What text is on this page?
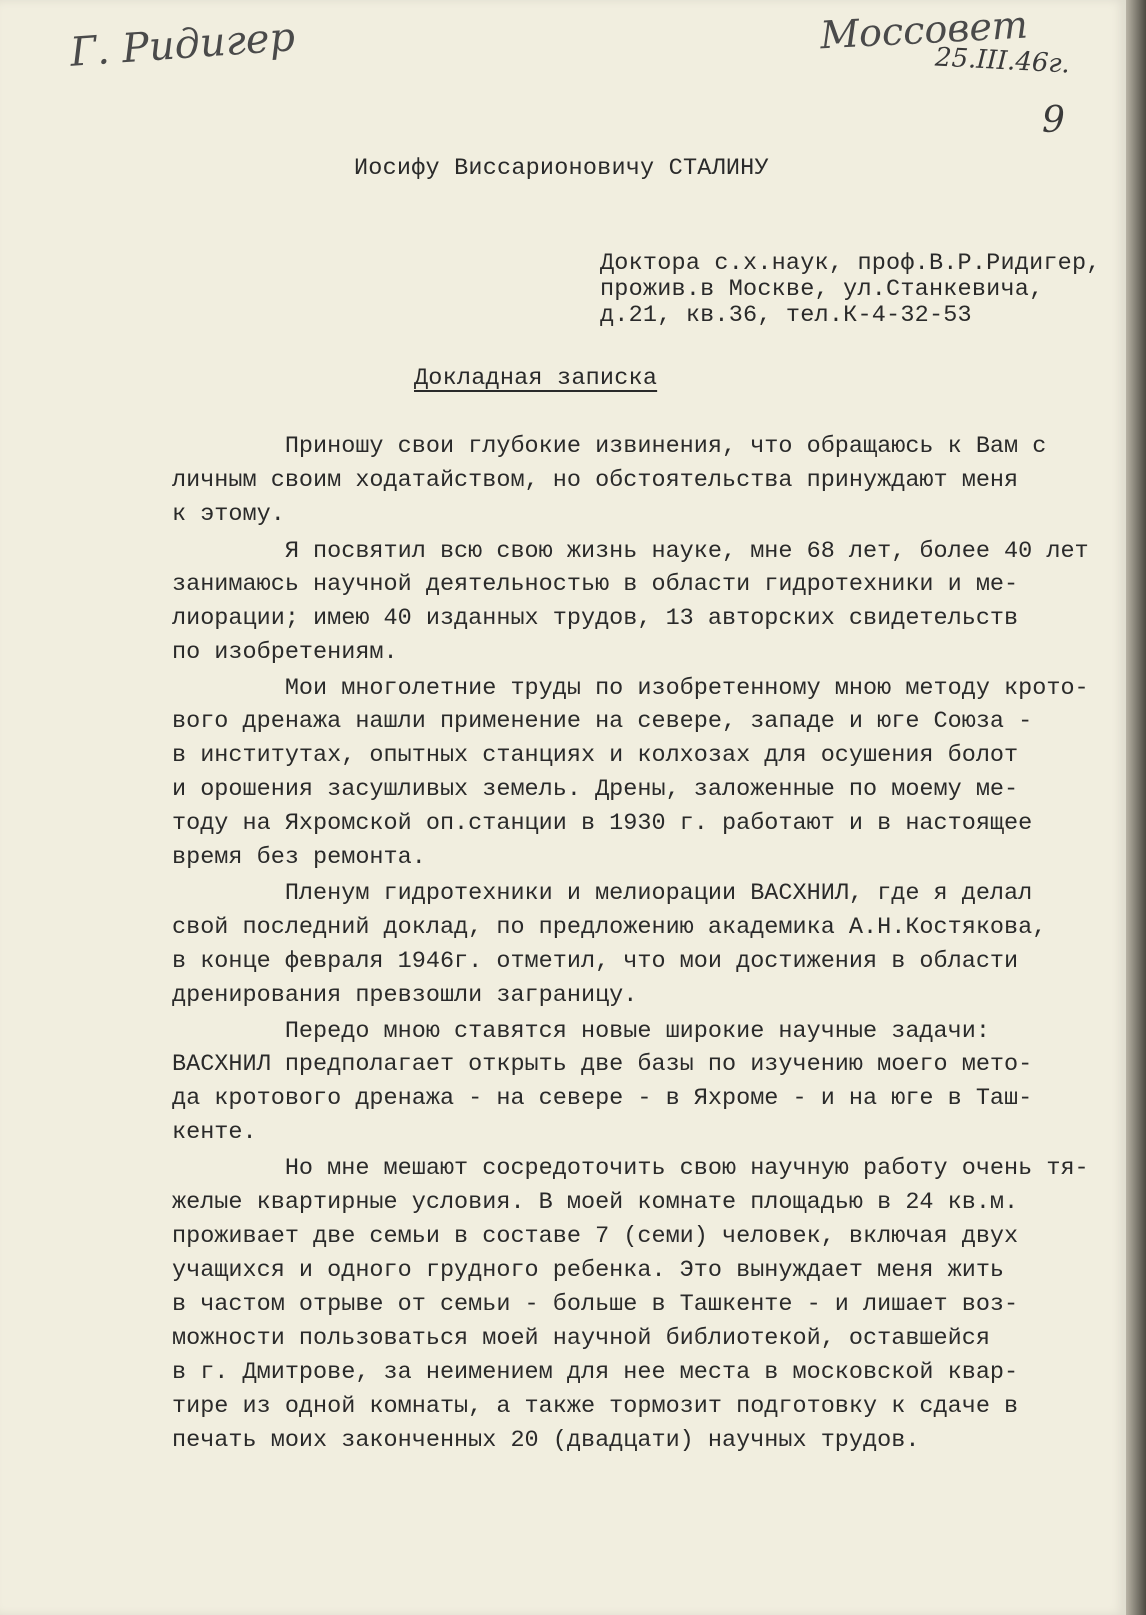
Г. Ридигер	Моссовет
25.III.46г.
9
Иосифу Виссарионовичу СТАЛИНУ
Доктора с.х.наук, проф.В.Р.Ридигер,
прожив.в Москве, ул.Станкевича,
д.21, кв.36, тел.К-4-32-53
Докладная записка
Приношу свои глубокие извинения, что обращаюсь к Вам с
личным своим ходатайством, но обстоятельства принуждают меня
к этому.
Я посвятил всю свою жизнь науке, мне 68 лет, более 40 лет
занимаюсь научной деятельностью в области гидротехники и ме-
лиорации; имею 40 изданных трудов, 13 авторских свидетельств
по изобретениям.
Мои многолетние труды по изобретенному мною методу крото-
вого дренажа нашли применение на севере, западе и юге Союза -
в институтах, опытных станциях и колхозах для осушения болот
и орошения засушливых земель. Дрены, заложенные по моему ме-
тоду на Яхромской оп.станции в 1930 г. работают и в настоящее
время без ремонта.
Пленум гидротехники и мелиорации ВАСХНИЛ, где я делал
свой последний доклад, по предложению академика А.Н.Костякова,
в конце февраля 1946г. отметил, что мои достижения в области
дренирования превзошли заграницу.
Передо мною ставятся новые широкие научные задачи:
ВАСХНИЛ предполагает открыть две базы по изучению моего мето-
да кротового дренажа - на севере - в Яхроме - и на юге в Таш-
кенте.
Но мне мешают сосредоточить свою научную работу очень тя-
желые квартирные условия. В моей комнате площадью в 24 кв.м.
проживает две семьи в составе 7 (семи) человек, включая двух
учащихся и одного грудного ребенка. Это вынуждает меня жить
в частом отрыве от семьи - больше в Ташкенте - и лишает воз-
можности пользоваться моей научной библиотекой, оставшейся
в г. Дмитрове, за неимением для нее места в московской квар-
тире из одной комнаты, а также тормозит подготовку к сдаче в
печать моих законченных 20 (двадцати) научных трудов.
